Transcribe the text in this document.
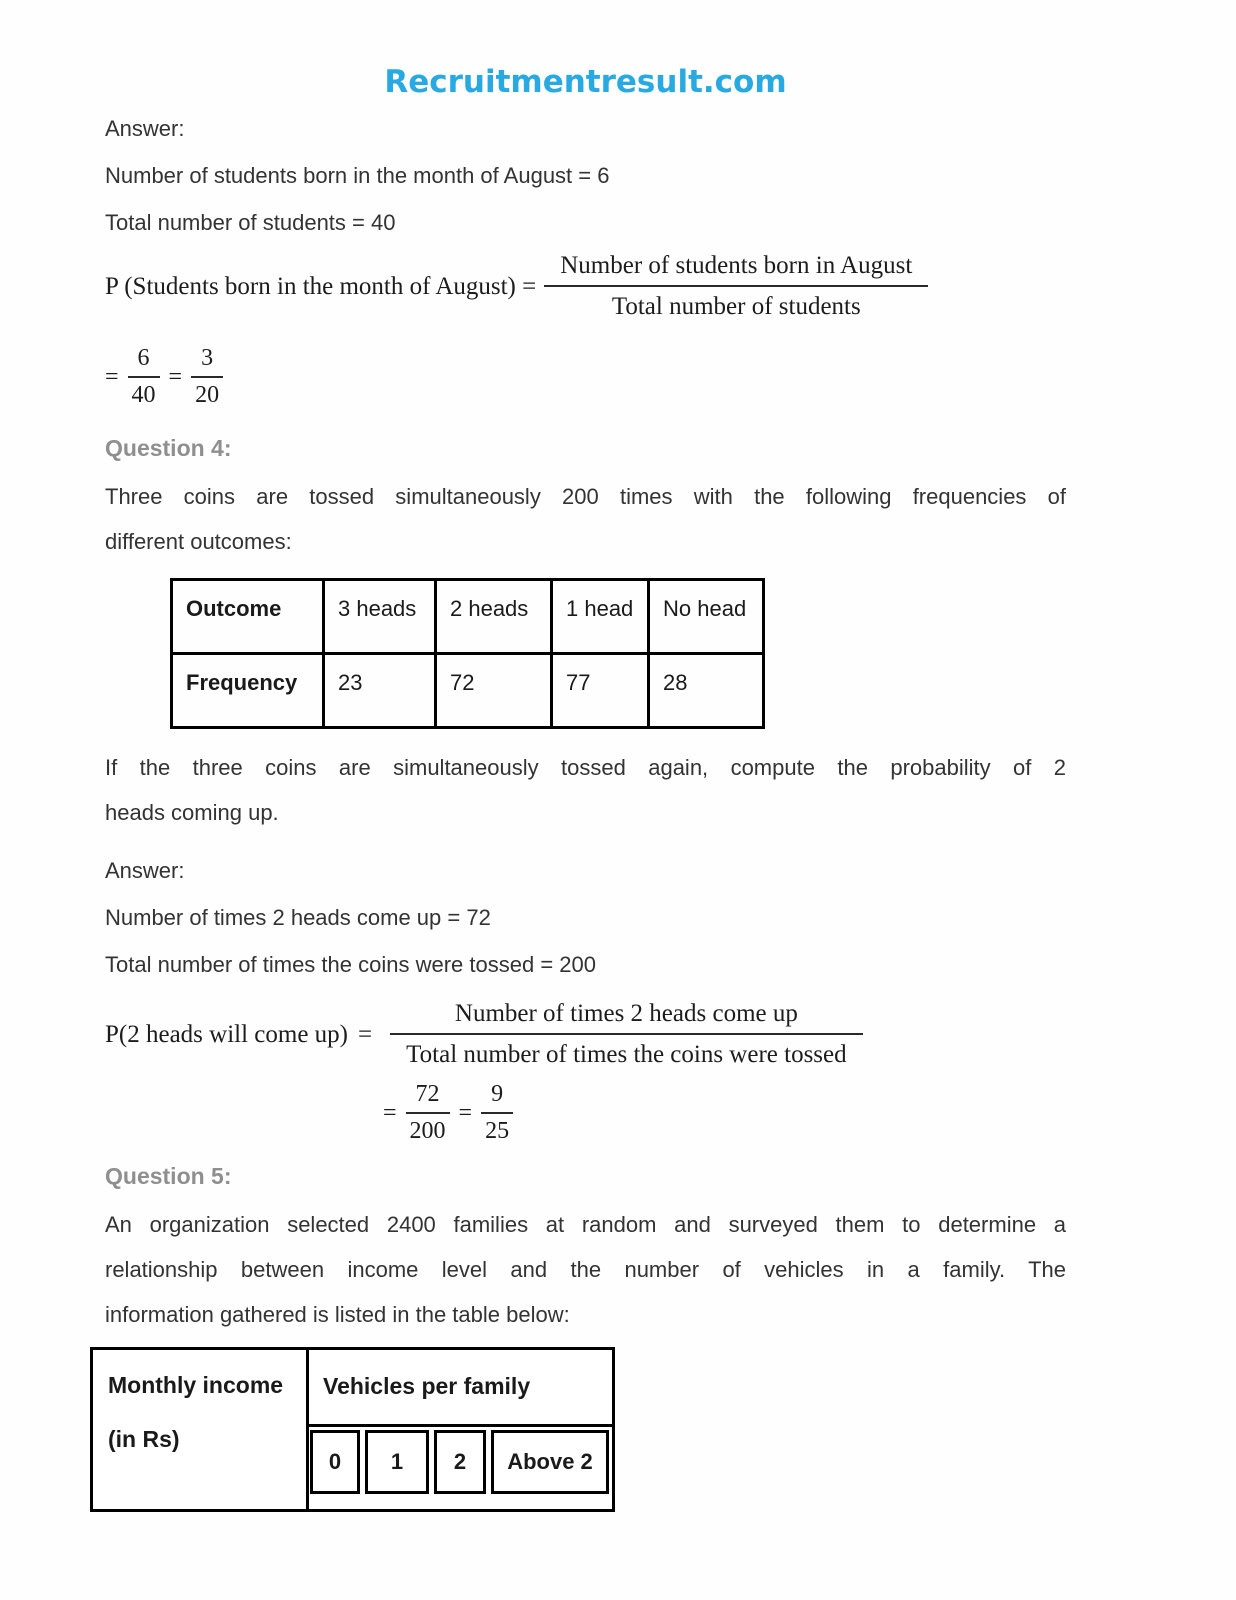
Recruitmentresult.com

Answer:

Number of students born in the month of August = 6

Total number of students = 40

P (Students born in the month of August) = $\frac{\text{Number of students born in August}}{\text{Total number of students}}$
= $\frac{6}{40} = \frac{3}{20}$
Question 4:
Three coins are tossed simultaneously 200 times with the following frequencies of
different outcomes:
Outcome	3 heads	2 heads	1 head	No head
Frequency	23	72	77	28
If the three coins are simultaneously tossed again, compute the probability of 2
heads coming up.

Answer:

Number of times 2 heads come up = 72

Total number of times the coins were tossed = 200

P(2 heads will come $up) = \frac{\text{Number of times 2 heads come up}}{\text{Total number of times the coins were tossed}}$
= $\frac{72}{200} = \frac{9}{25}$
Question 5:
An organization selected 2400 families at random and surveyed them to determine a
relationship between income level and the number of vehicles in a family. The
information gathered is listed in the table below:
Monthly income
(in Rs)
Vehicles per family
0	1	2	Above 2
